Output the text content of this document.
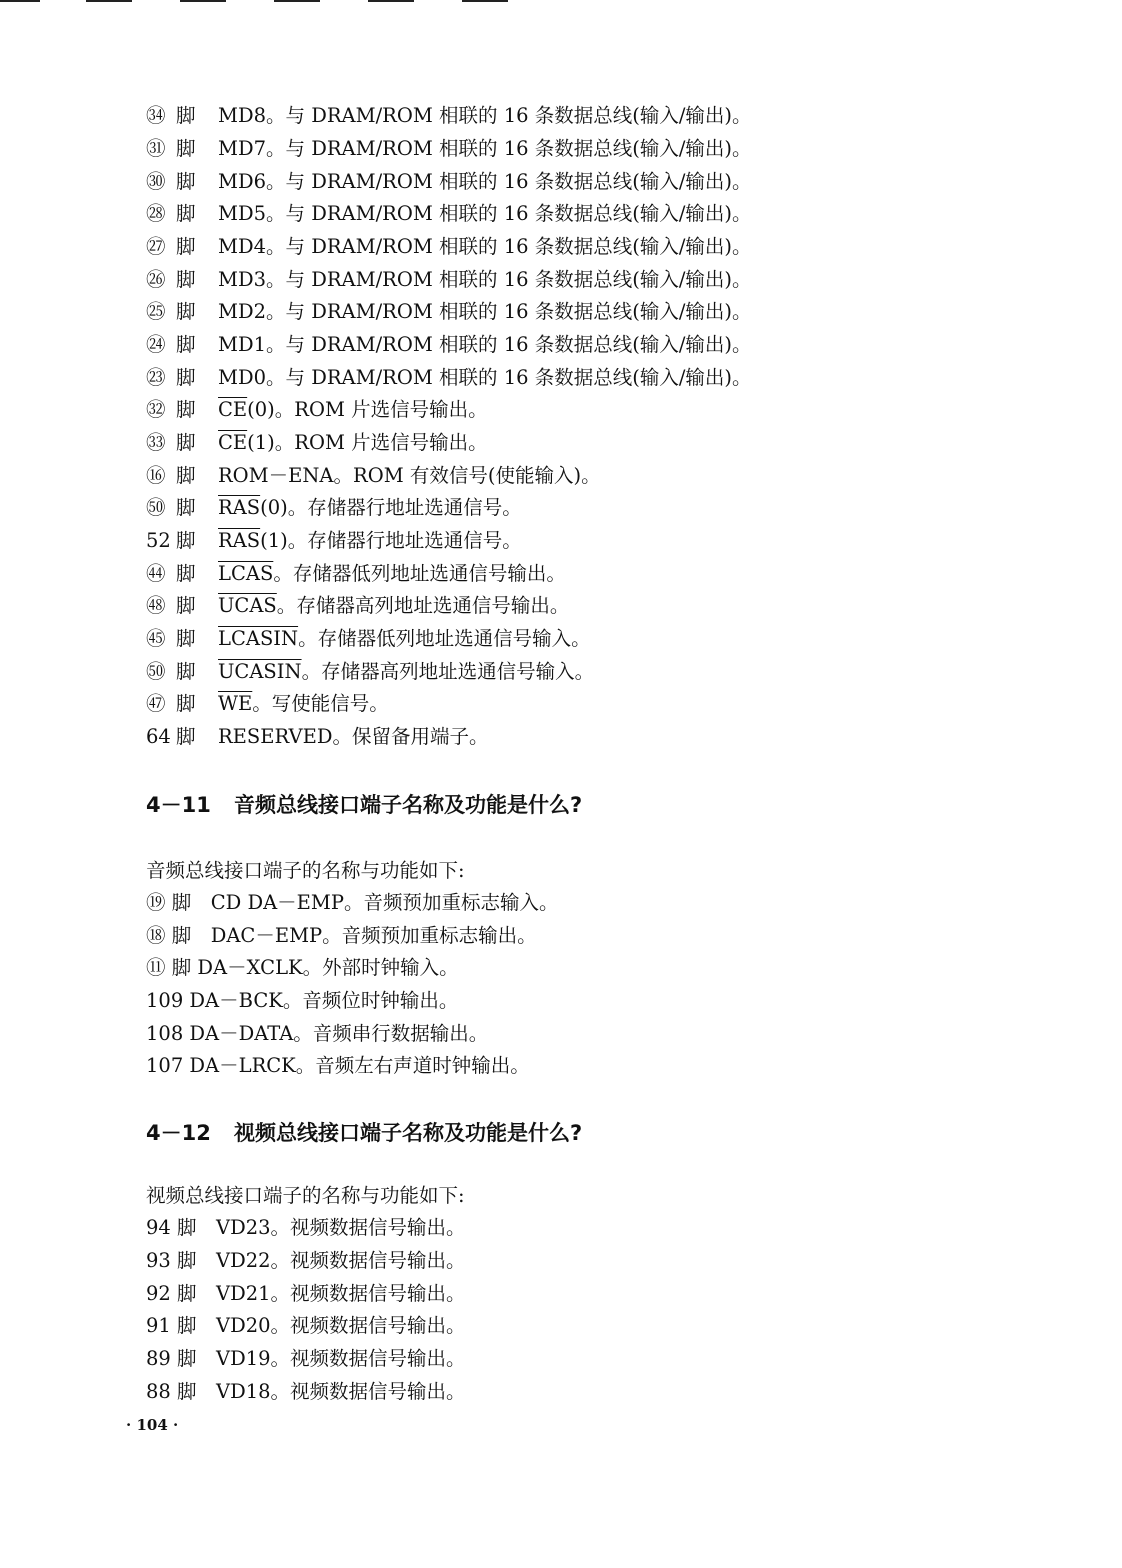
㉞ 脚 MD8。与 DRAM/ROM 相联的 16 条数据总线(输入/输出)。
㉛ 脚 MD7。与 DRAM/ROM 相联的 16 条数据总线(输入/输出)。
㉚ 脚 MD6。与 DRAM/ROM 相联的 16 条数据总线(输入/输出)。
㉘ 脚 MD5。与 DRAM/ROM 相联的 16 条数据总线(输入/输出)。
㉗ 脚 MD4。与 DRAM/ROM 相联的 16 条数据总线(输入/输出)。
㉖ 脚 MD3。与 DRAM/ROM 相联的 16 条数据总线(输入/输出)。
㉕ 脚 MD2。与 DRAM/ROM 相联的 16 条数据总线(输入/输出)。
㉔ 脚 MD1。与 DRAM/ROM 相联的 16 条数据总线(输入/输出)。
㉓ 脚 MD0。与 DRAM/ROM 相联的 16 条数据总线(输入/输出)。
㉜ 脚 $\overline{CE}(0)$。ROM 片选信号输出。
㉝ 脚 $\overline{CE}(1)$。ROM 片选信号输出。
⑯ 脚 ROM－ENA。ROM 有效信号(使能输入)。
㊿ 脚 $\overline{RAS}(0)$。存储器行地址选通信号。
52 脚 $\overline{RAS}(1)$。存储器行地址选通信号。
㊹ 脚 LCAS。存储器低列地址选通信号输出。
㊽ 脚 UCAS。存储器高列地址选通信号输出。
㊺ 脚 LCASIN。存储器低列地址选通信号输入。
㊿ 脚 UCASIN。存储器高列地址选通信号输入。
㊼ 脚 $\overline{WE}$。写使能信号。
64 脚 RESERVED。保留备用端子。
4－11 音频总线接口端子名称及功能是什么?
音频总线接口端子的名称与功能如下:
⑲ 脚　CD DA－EMP。音频预加重标志输入。
⑱ 脚　DAC－EMP。音频预加重标志输出。
⑪ 脚 DA－XCLK。外部时钟输入。
109 DA－BCK。音频位时钟输出。
108 DA－DATA。音频串行数据输出。
107 DA－LRCK。音频左右声道时钟输出。
4－12 视频总线接口端子名称及功能是什么?
视频总线接口端子的名称与功能如下:
94 脚　VD23。视频数据信号输出。
93 脚　VD22。视频数据信号输出。
92 脚　VD21。视频数据信号输出。
91 脚　VD20。视频数据信号输出。
89 脚　VD19。视频数据信号输出。
88 脚　VD18。视频数据信号输出。
· 104 ·
